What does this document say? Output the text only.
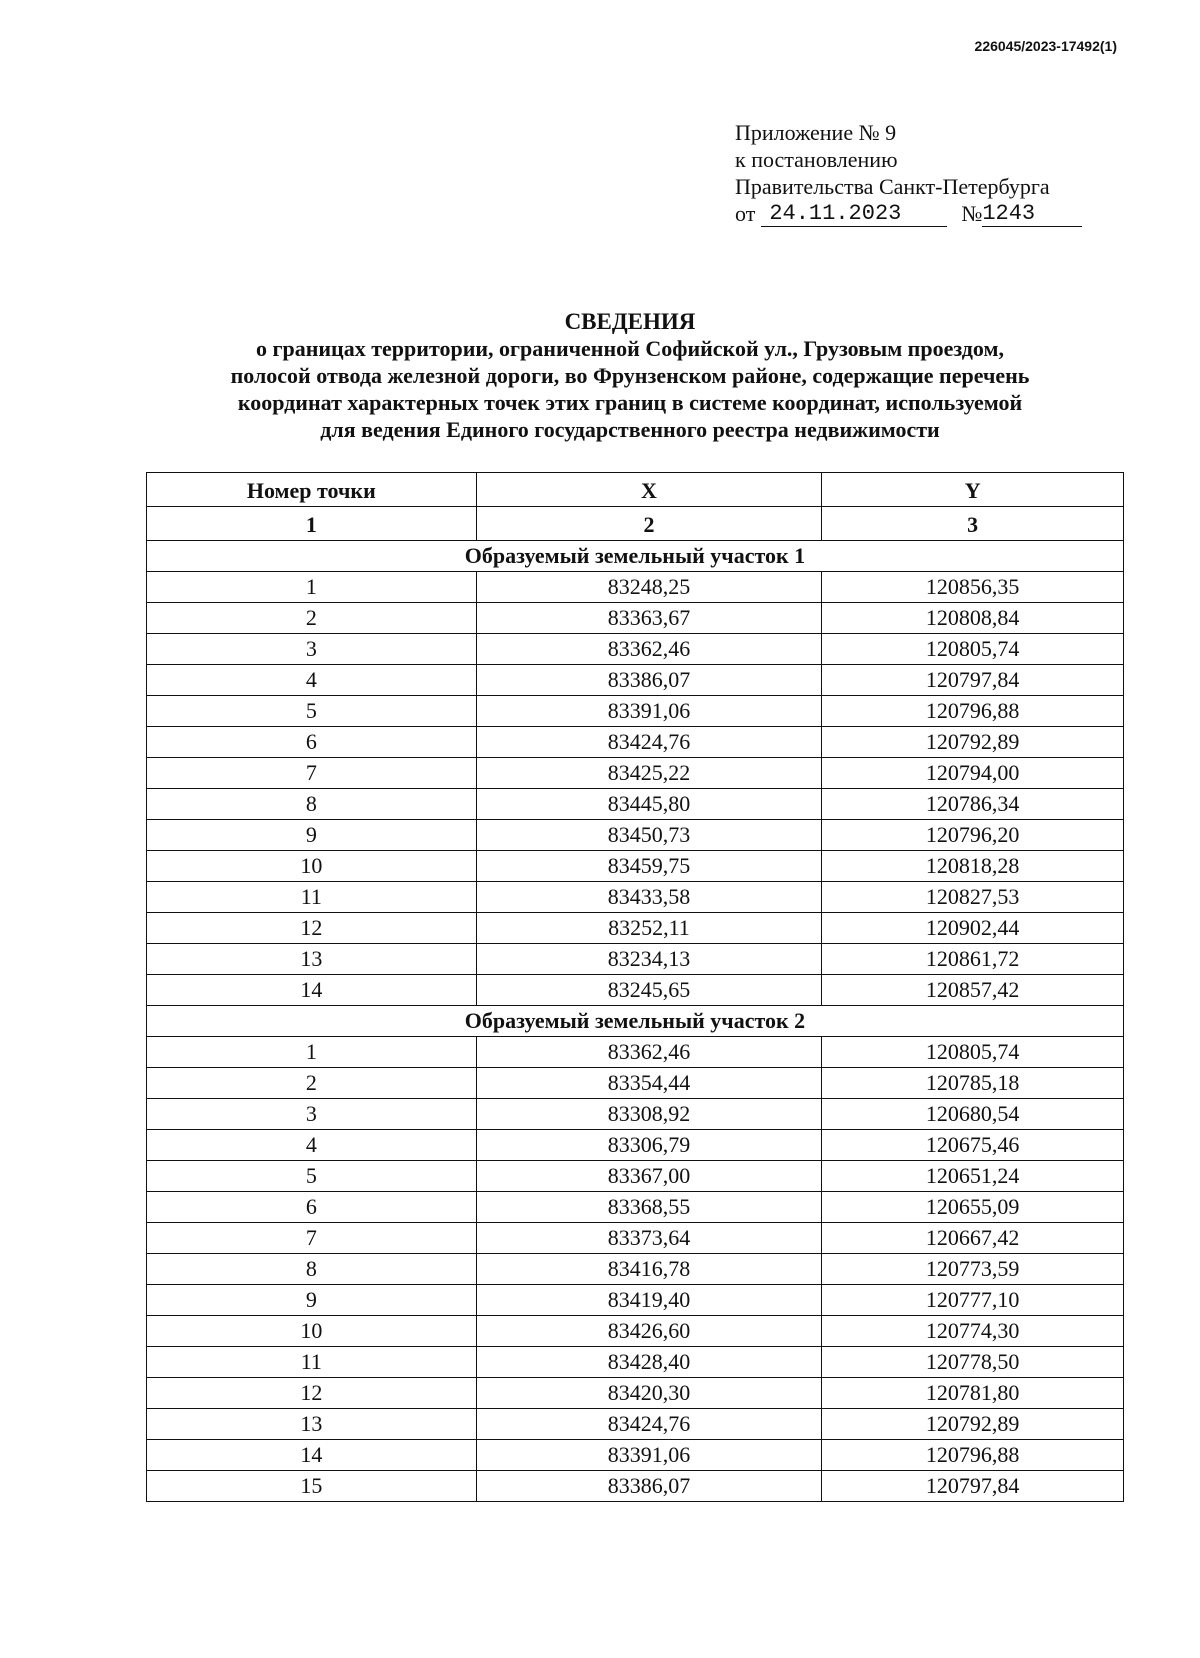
226045/2023-17492(1)
Приложение № 9
к постановлению
Правительства Санкт-Петербурга
от 24.11.2023	№ 1243
СВЕДЕНИЯ
о границах территории, ограниченной Софийской ул., Грузовым проездом,
полосой отвода железной дороги, во Фрунзенском районе, содержащие перечень
координат характерных точек этих границ в системе координат, используемой
для ведения Единого государственного реестра недвижимости
Номер точки	X	Y
1	2	3
Образуемый земельный участок 1		
1	83248,25	120856,35
2	83363,67	120808,84
3	83362,46	120805,74
4	83386,07	120797,84
5	83391,06	120796,88
6	83424,76	120792,89
7	83425,22	120794,00
8	83445,80	120786,34
9	83450,73	120796,20
10	83459,75	120818,28
11	83433,58	120827,53
12	83252,11	120902,44
13	83234,13	120861,72
14	83245,65	120857,42
Образуемый земельный участок 2		
1	83362,46	120805,74
2	83354,44	120785,18
3	83308,92	120680,54
4	83306,79	120675,46
5	83367,00	120651,24
6	83368,55	120655,09
7	83373,64	120667,42
8	83416,78	120773,59
9	83419,40	120777,10
10	83426,60	120774,30
11	83428,40	120778,50
12	83420,30	120781,80
13	83424,76	120792,89
14	83391,06	120796,88
15	83386,07	120797,84
